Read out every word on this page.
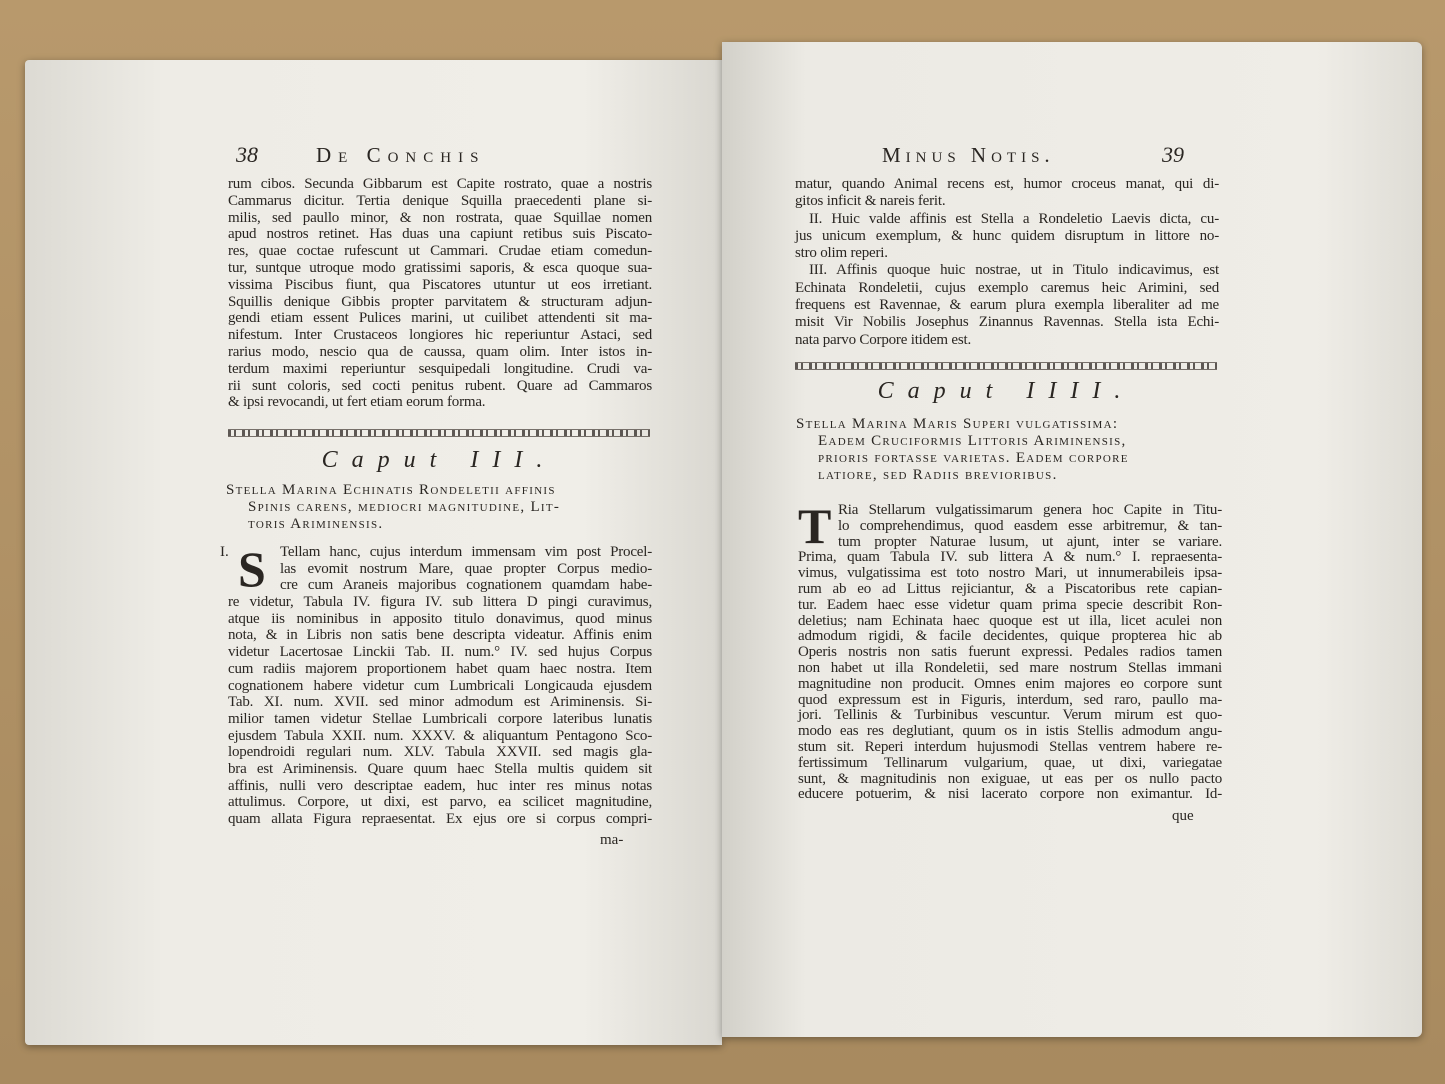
38	De Conchis
rum cibos. Secunda Gibbarum est Capite rostrato, quae a nostris
Cammarus dicitur. Tertia denique Squilla praecedenti plane si-
milis, sed paullo minor, & non rostrata, quae Squillae nomen
apud nostros retinet. Has duas una capiunt retibus suis Piscato-
res, quae coctae rufescunt ut Cammari. Crudae etiam comedun-
tur, suntque utroque modo gratissimi saporis, & esca quoque sua-
vissima Piscibus fiunt, qua Piscatores utuntur ut eos irretiant.
Squillis denique Gibbis propter parvitatem & structuram adjun-
gendi etiam essent Pulices marini, ut cuilibet attendenti sit ma-
nifestum. Inter Crustaceos longiores hic reperiuntur Astaci, sed
rarius modo, nescio qua de caussa, quam olim. Inter istos in-
terdum maximi reperiuntur sesquipedali longitudine. Crudi va-
rii sunt coloris, sed cocti penitus rubent. Quare ad Cammaros
& ipsi revocandi, ut fert etiam eorum forma.
Caput III.
Stella Marina Echinatis Rondeletii affinis
Spinis carens, mediocri magnitudine, Lit-
toris Ariminensis.
I. S Tellam hanc, cujus interdum immensam vim post Procel-
las evomit nostrum Mare, quae propter Corpus medio-
cre cum Araneis majoribus cognationem quamdam habe-
re videtur, Tabula IV. figura IV. sub littera D pingi curavimus,
atque iis nominibus in apposito titulo donavimus, quod minus
nota, & in Libris non satis bene descripta videatur. Affinis enim
videtur Lacertosae Linckii Tab. II. num.° IV. sed hujus Corpus
cum radiis majorem proportionem habet quam haec nostra. Item
cognationem habere videtur cum Lumbricali Longicauda ejusdem
Tab. XI. num. XVII. sed minor admodum est Ariminensis. Si-
milior tamen videtur Stellae Lumbricali corpore lateribus lunatis
ejusdem Tabula XXII. num. XXXV. & aliquantum Pentagono Sco-
lopendroidi regulari num. XLV. Tabula XXVII. sed magis gla-
bra est Ariminensis. Quare quum haec Stella multis quidem sit
affinis, nulli vero descriptae eadem, huc inter res minus notas
attulimus. Corpore, ut dixi, est parvo, ea scilicet magnitudine,
quam allata Figura repraesentat. Ex ejus ore si corpus compri-
ma-
Minus Notis.	39
matur, quando Animal recens est, humor croceus manat, qui di-
gitos inficit & nareis ferit.
II. Huic valde affinis est Stella a Rondeletio Laevis dicta, cu-
jus unicum exemplum, & hunc quidem disruptum in littore no-
stro olim reperi.
III. Affinis quoque huic nostrae, ut in Titulo indicavimus, est
Echinata Rondeletii, cujus exemplo caremus heic Arimini, sed
frequens est Ravennae, & earum plura exempla liberaliter ad me
misit Vir Nobilis Josephus Zinannus Ravennas. Stella ista Echi-
nata parvo Corpore itidem est.
Caput IIII.
Stella Marina Maris Superi vulgatissima:
Eadem Cruciformis Littoris Ariminensis,
prioris fortasse varietas. Eadem corpore
latiore, sed Radiis brevioribus.
T Ria Stellarum vulgatissimarum genera hoc Capite in Titu-
lo comprehendimus, quod easdem esse arbitremur, & tan-
tum propter Naturae lusum, ut ajunt, inter se variare.
Prima, quam Tabula IV. sub littera A & num.° I. repraesenta-
vimus, vulgatissima est toto nostro Mari, ut innumerabileis ipsa-
rum ab eo ad Littus rejiciantur, & a Piscatoribus rete capian-
tur. Eadem haec esse videtur quam prima specie describit Ron-
deletius; nam Echinata haec quoque est ut illa, licet aculei non
admodum rigidi, & facile decidentes, quique propterea hic ab
Operis nostris non satis fuerunt expressi. Pedales radios tamen
non habet ut illa Rondeletii, sed mare nostrum Stellas immani
magnitudine non producit. Omnes enim majores eo corpore sunt
quod expressum est in Figuris, interdum, sed raro, paullo ma-
jori. Tellinis & Turbinibus vescuntur. Verum mirum est quo-
modo eas res deglutiant, quum os in istis Stellis admodum angu-
stum sit. Reperi interdum hujusmodi Stellas ventrem habere re-
fertissimum Tellinarum vulgarium, quae, ut dixi, variegatae
sunt, & magnitudinis non exiguae, ut eas per os nullo pacto
educere potuerim, & nisi lacerato corpore non eximantur. Id-
que
